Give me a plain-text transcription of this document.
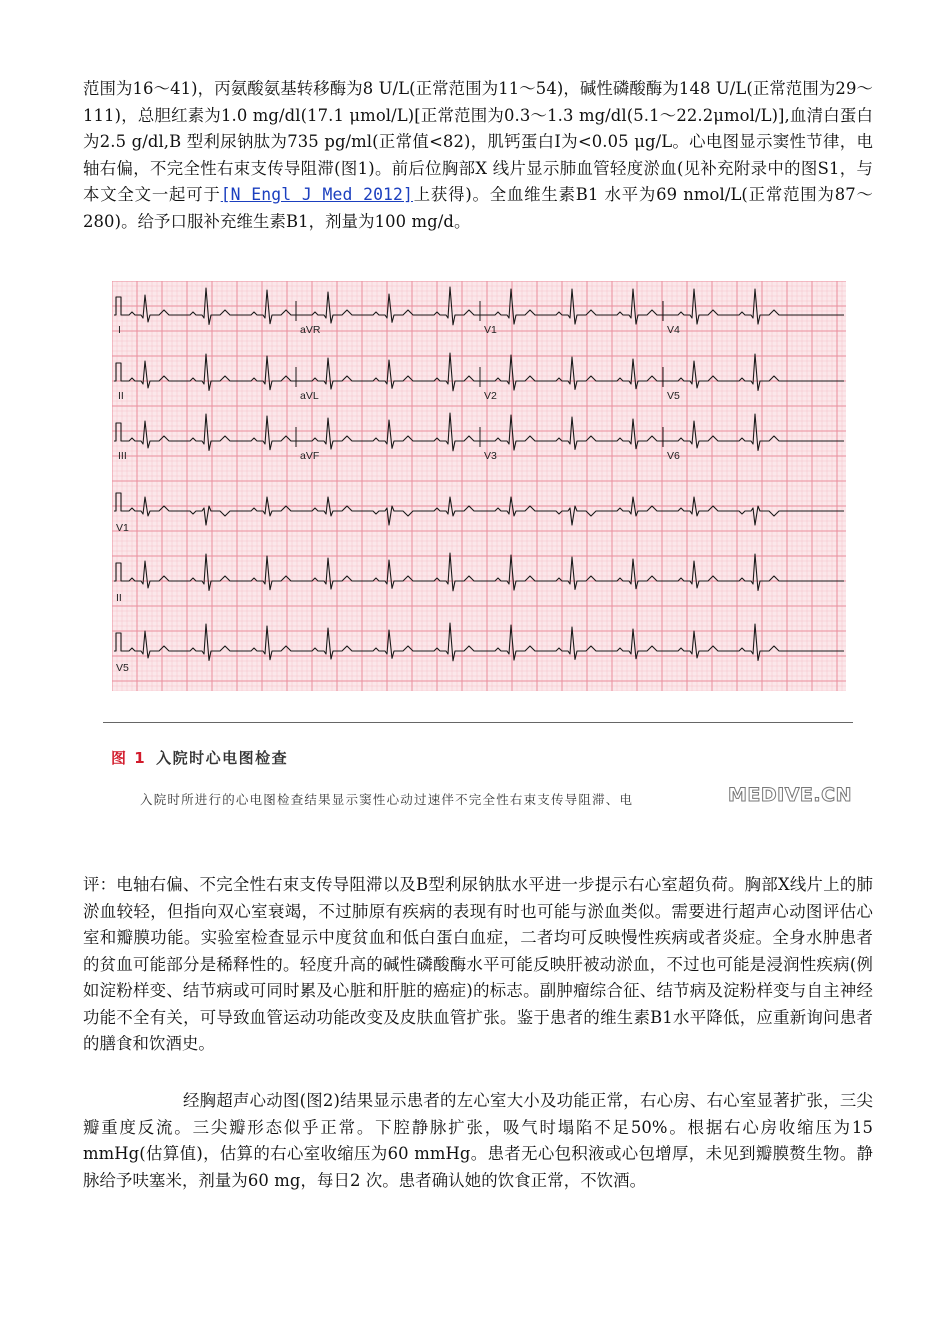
范围为16～41)，丙氨酸氨基转移酶为8 U/L(正常范围为11～54)，碱性磷酸酶为148 U/L(正常范围为29～111)，总胆红素为1.0 mg/dl(17.1 μmol/L)[正常范围为0.3～1.3 mg/dl(5.1～22.2μmol/L)],血清白蛋白为2.5 g/dl,B 型利尿钠肽为735 pg/ml(正常值<82)，肌钙蛋白I为<0.05 μg/L。心电图显示窦性节律，电轴右偏，不完全性右束支传导阻滞(图1)。前后位胸部X 线片显示肺血管轻度淤血(见补充附录中的图S1，与本文全文一起可于[N Engl J Med 2012]上获得)。全血维生素B1 水平为69 nmol/L(正常范围为87～280)。给予口服补充维生素B1，剂量为100 mg/d。
I	aVR	V1	V4
II	aVL	V2	V5
III	aVF	V3	V6
V1
II
V5
图 1 入院时心电图检查
入院时所进行的心电图检查结果显示窦性心动过速伴不完全性右束支传导阻滞、电	MEDIVE.CN
评：电轴右偏、不完全性右束支传导阻滞以及B型利尿钠肽水平进一步提示右心室超负荷。胸部X线片上的肺淤血较轻，但指向双心室衰竭，不过肺原有疾病的表现有时也可能与淤血类似。需要进行超声心动图评估心室和瓣膜功能。实验室检查显示中度贫血和低白蛋白血症，二者均可反映慢性疾病或者炎症。全身水肿患者的贫血可能部分是稀释性的。轻度升高的碱性磷酸酶水平可能反映肝被动淤血，不过也可能是浸润性疾病(例如淀粉样变、结节病或可同时累及心脏和肝脏的癌症)的标志。副肿瘤综合征、结节病及淀粉样变与自主神经功能不全有关，可导致血管运动功能改变及皮肤血管扩张。鉴于患者的维生素B1水平降低，应重新询问患者的膳食和饮酒史。
经胸超声心动图(图2)结果显示患者的左心室大小及功能正常，右心房、右心室显著扩张，三尖瓣重度反流。三尖瓣形态似乎正常。下腔静脉扩张，吸气时塌陷不足50%。根据右心房收缩压为15 mmHg(估算值)，估算的右心室收缩压为60 mmHg。患者无心包积液或心包增厚，未见到瓣膜赘生物。静脉给予呋塞米，剂量为60 mg，每日2 次。患者确认她的饮食正常，不饮酒。
